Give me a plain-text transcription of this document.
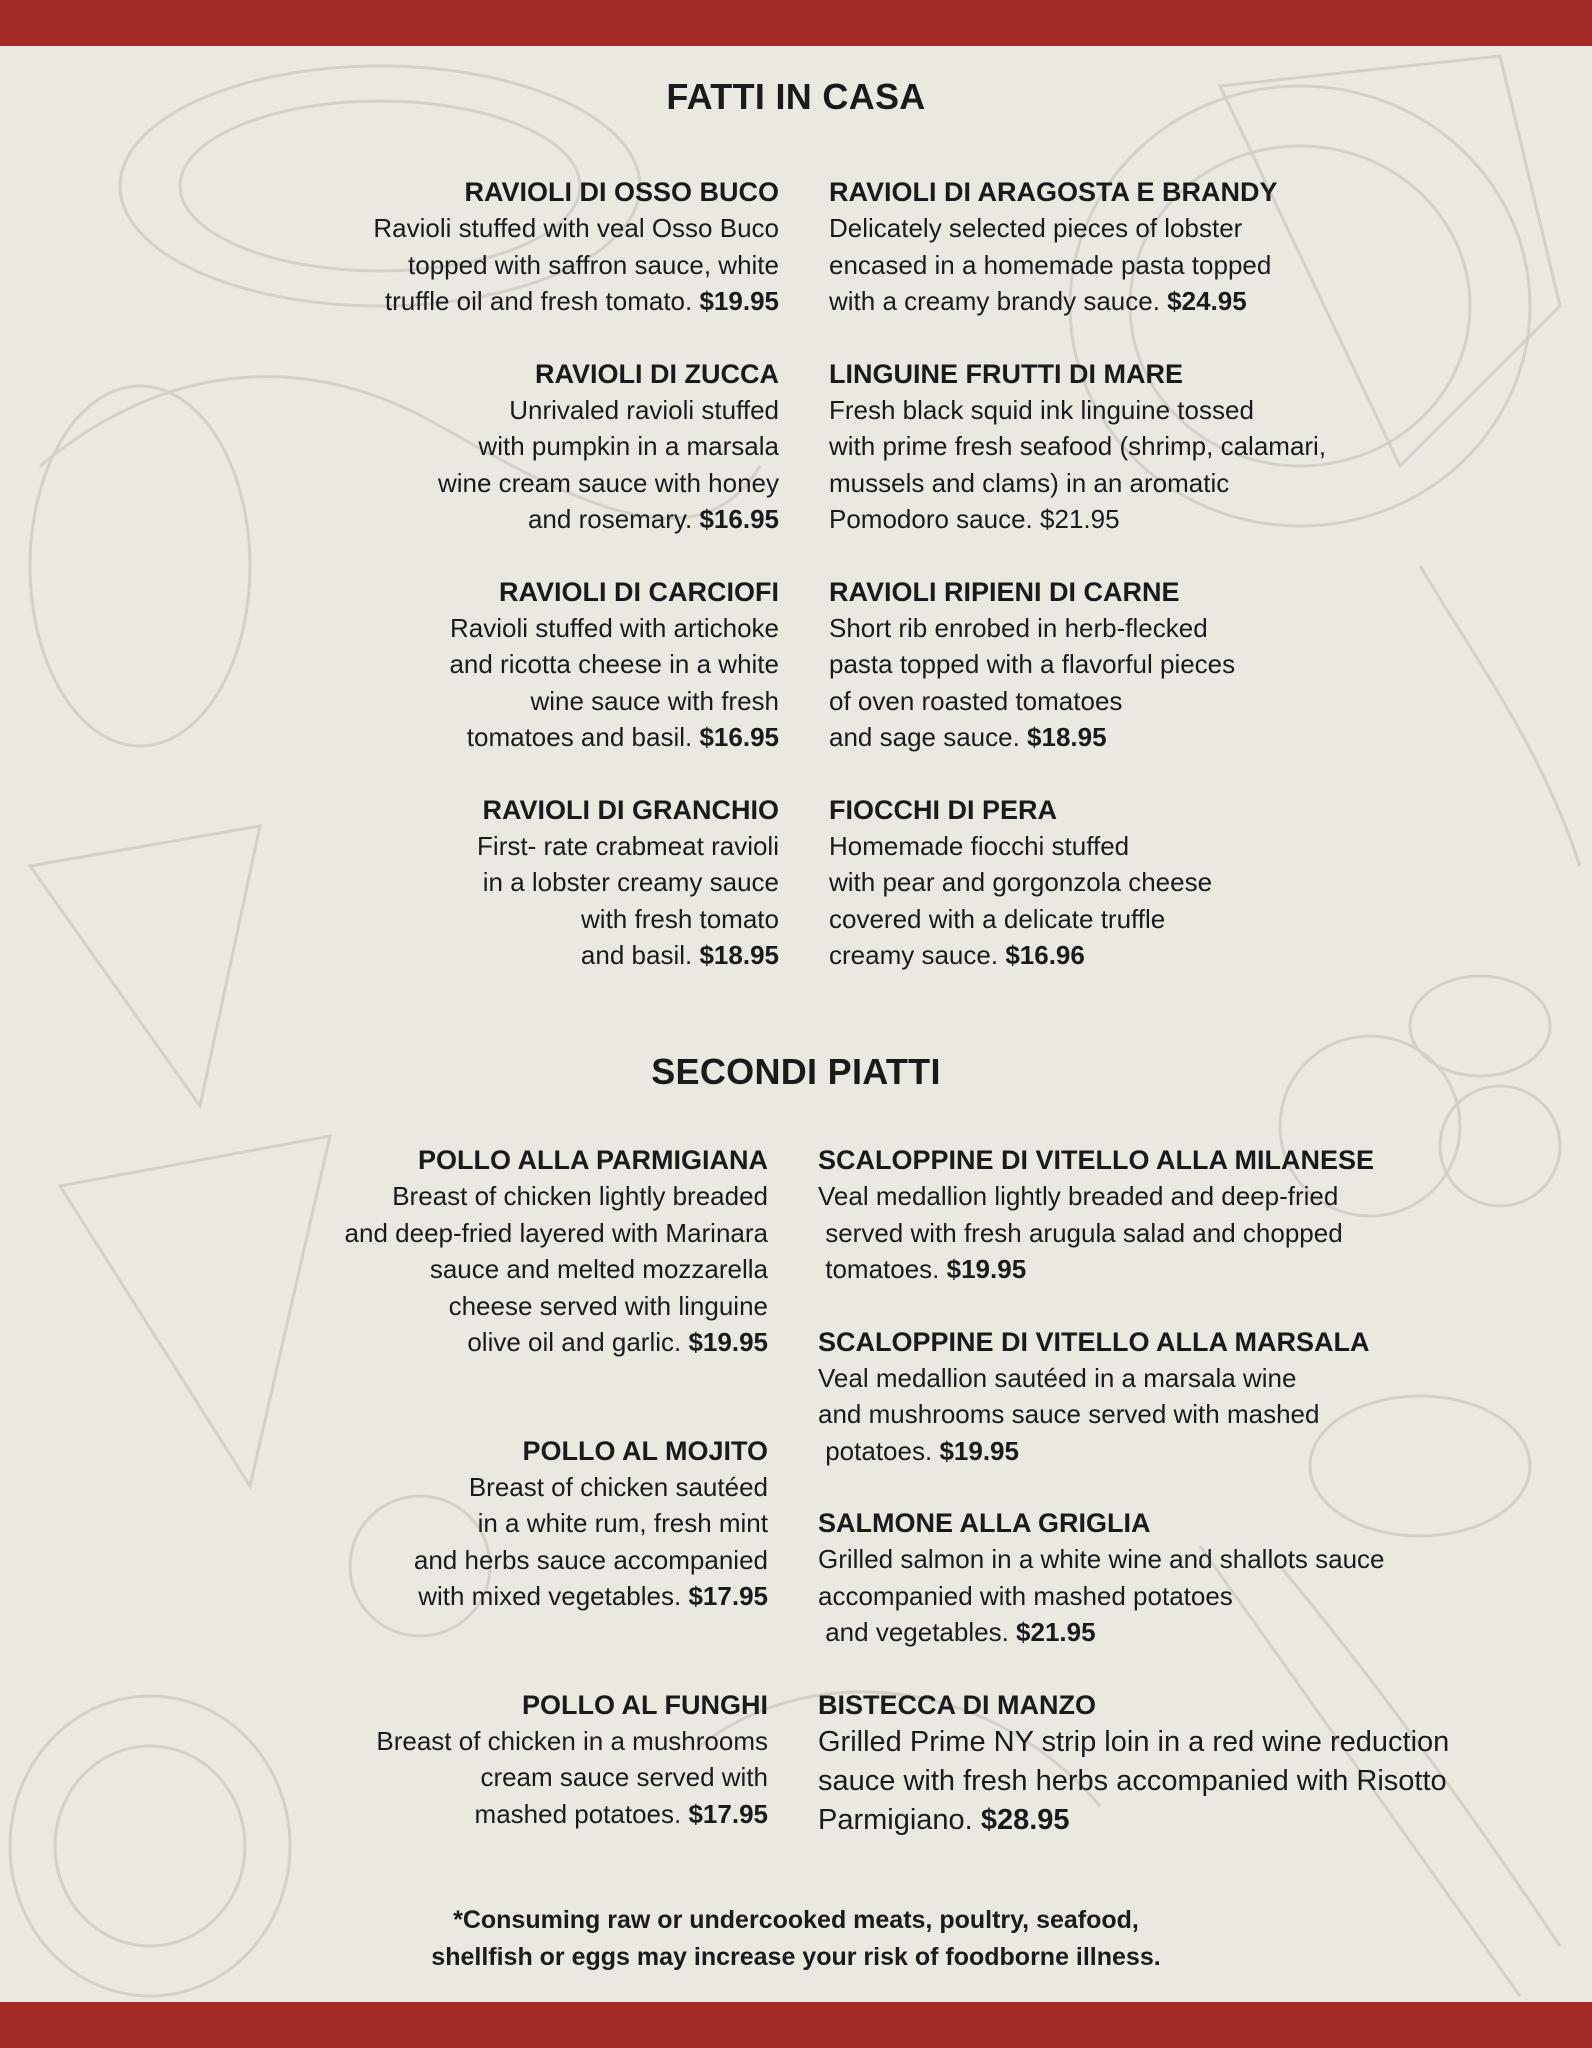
FATTI IN CASA

RAVIOLI DI OSSO BUCO

Ravioli stuffed with veal Osso Buco
topped with saffron sauce, white
truffle oil and fresh tomato. $19.95

RAVIOLI DI ZUCCA

Unrivaled ravioli stuffed
with pumpkin in a marsala
wine cream sauce with honey
and rosemary. $16.95

RAVIOLI DI CARCIOFI

Ravioli stuffed with artichoke
and ricotta cheese in a white
wine sauce with fresh
tomatoes and basil. $16.95

RAVIOLI DI GRANCHIO

First- rate crabmeat ravioli
in a lobster creamy sauce
with fresh tomato
and basil. $18.95

RAVIOLI DI ARAGOSTA E BRANDY

Delicately selected pieces of lobster
encased in a homemade pasta topped
with a creamy brandy sauce. $24.95

LINGUINE FRUTTI DI MARE

Fresh black squid ink linguine tossed
with prime fresh seafood (shrimp, calamari,
mussels and clams) in an aromatic
Pomodoro sauce. $21.95

RAVIOLI RIPIENI DI CARNE

Short rib enrobed in herb-flecked
pasta topped with a flavorful pieces
of oven roasted tomatoes
and sage sauce. $18.95

FIOCCHI DI PERA

Homemade fiocchi stuffed
with pear and gorgonzola cheese
covered with a delicate truffle
creamy sauce. $16.96

SECONDI PIATTI

POLLO ALLA PARMIGIANA

Breast of chicken lightly breaded
and deep-fried layered with Marinara
sauce and melted mozzarella
cheese served with linguine
olive oil and garlic. $19.95

POLLO AL MOJITO

Breast of chicken sautéed
in a white rum, fresh mint
and herbs sauce accompanied
with mixed vegetables. $17.95

POLLO AL FUNGHI

Breast of chicken in a mushrooms
cream sauce served with
mashed potatoes. $17.95

SCALOPPINE DI VITELLO ALLA MILANESE

Veal medallion lightly breaded and deep-fried
served with fresh arugula salad and chopped
tomatoes. $19.95

SCALOPPINE DI VITELLO ALLA MARSALA

Veal medallion sautéed in a marsala wine
and mushrooms sauce served with mashed
potatoes. $19.95

SALMONE ALLA GRIGLIA

Grilled salmon in a white wine and shallots sauce
accompanied with mashed potatoes
and vegetables. $21.95

BISTECCA DI MANZO

Grilled Prime NY strip loin in a red wine reduction
sauce with fresh herbs accompanied with Risotto
Parmigiano. $28.95

*Consuming raw or undercooked meats, poultry, seafood,
shellfish or eggs may increase your risk of foodborne illness.
